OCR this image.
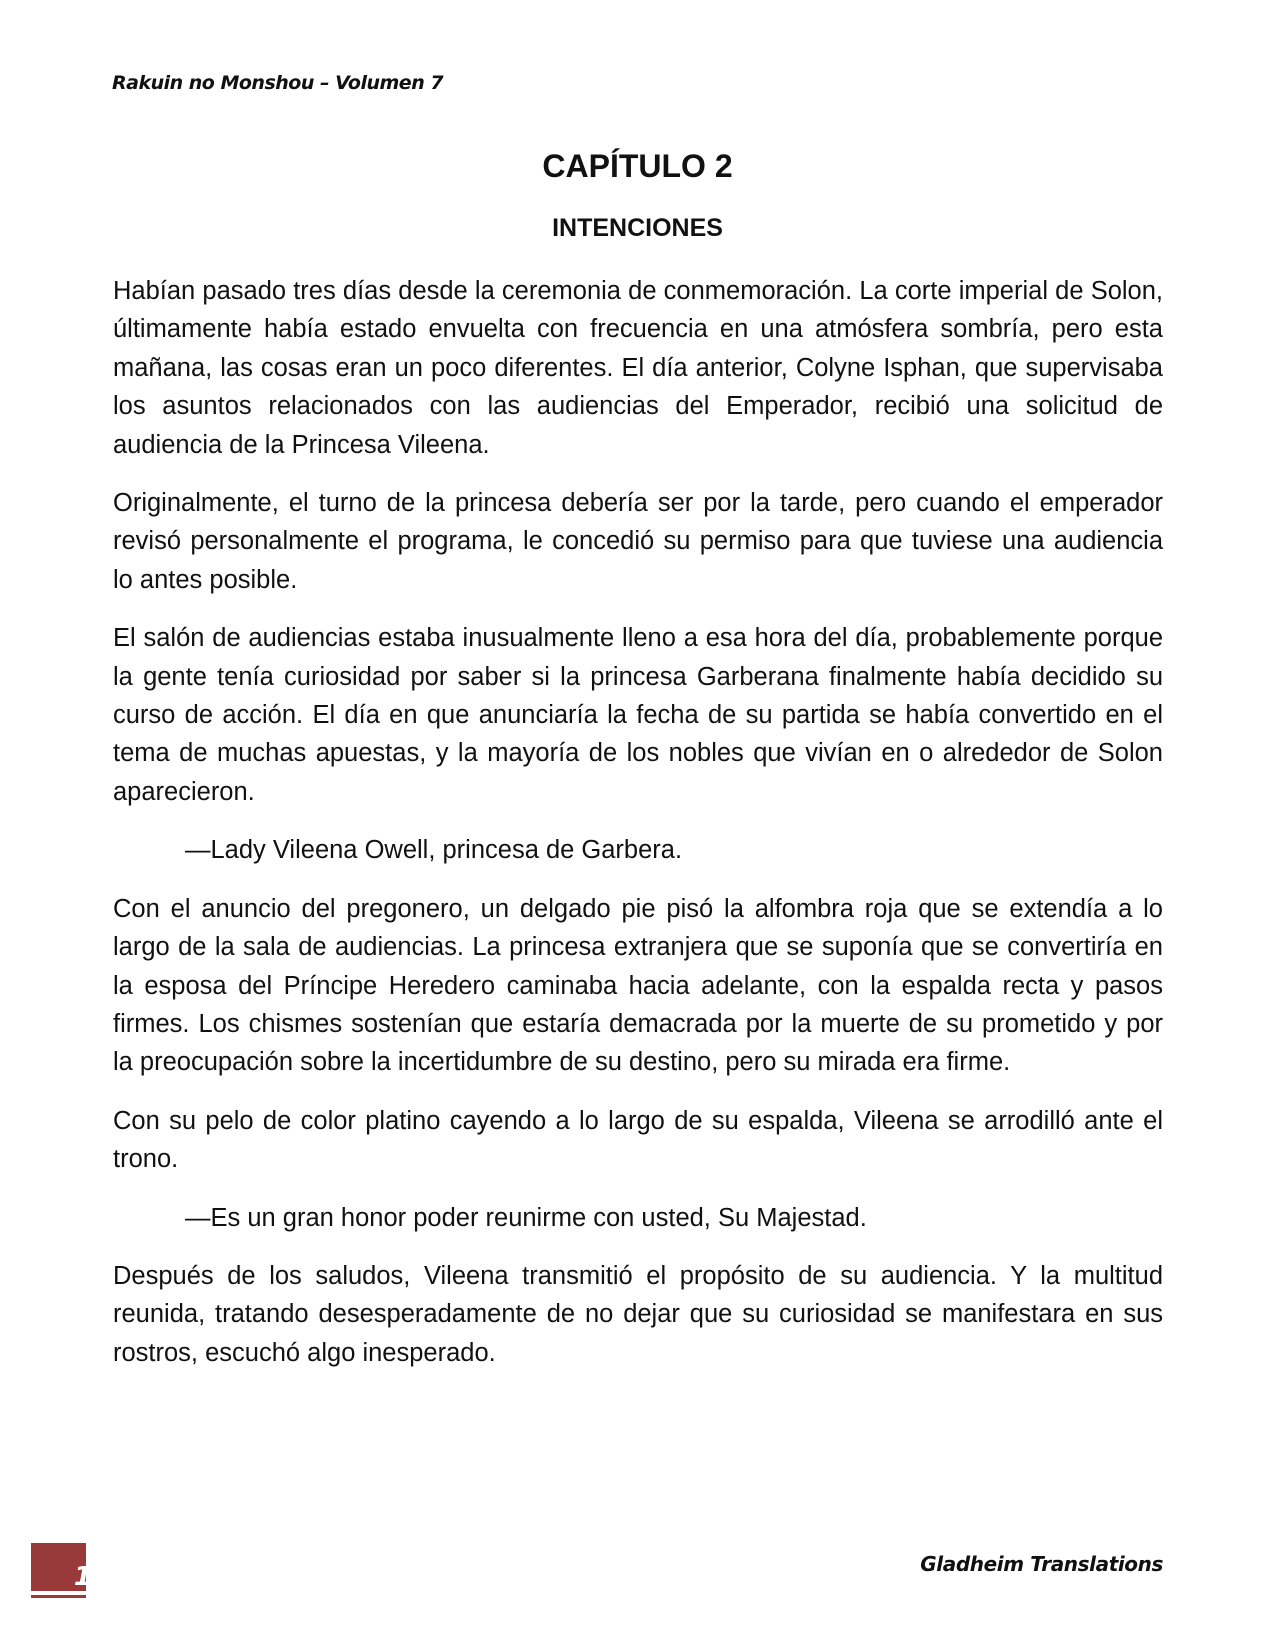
Rakuin no Monshou – Volumen 7
CAPÍTULO 2
INTENCIONES

Habían pasado tres días desde la ceremonia de conmemoración. La corte imperial de Solon, últimamente había estado envuelta con frecuencia en una atmósfera sombría, pero esta mañana, las cosas eran un poco diferentes. El día anterior, Colyne Isphan, que supervisaba los asuntos relacionados con las audiencias del Emperador, recibió una solicitud de audiencia de la Princesa Vileena.

Originalmente, el turno de la princesa debería ser por la tarde, pero cuando el emperador revisó personalmente el programa, le concedió su permiso para que tuviese una audiencia lo antes posible.

El salón de audiencias estaba inusualmente lleno a esa hora del día, probablemente porque la gente tenía curiosidad por saber si la princesa Garberana finalmente había decidido su curso de acción. El día en que anunciaría la fecha de su partida se había convertido en el tema de muchas apuestas, y la mayoría de los nobles que vivían en o alrededor de Solon aparecieron.

—Lady Vileena Owell, princesa de Garbera.

Con el anuncio del pregonero, un delgado pie pisó la alfombra roja que se extendía a lo largo de la sala de audiencias. La princesa extranjera que se suponía que se convertiría en la esposa del Príncipe Heredero caminaba hacia adelante, con la espalda recta y pasos firmes. Los chismes sostenían que estaría demacrada por la muerte de su prometido y por la preocupación sobre la incertidumbre de su destino, pero su mirada era firme.

Con su pelo de color platino cayendo a lo largo de su espalda, Vileena se arrodilló ante el trono.

—Es un gran honor poder reunirme con usted, Su Majestad.

Después de los saludos, Vileena transmitió el propósito de su audiencia. Y la multitud reunida, tratando desesperadamente de no dejar que su curiosidad se manifestara en sus rostros, escuchó algo inesperado.

1	Gladheim Translations
